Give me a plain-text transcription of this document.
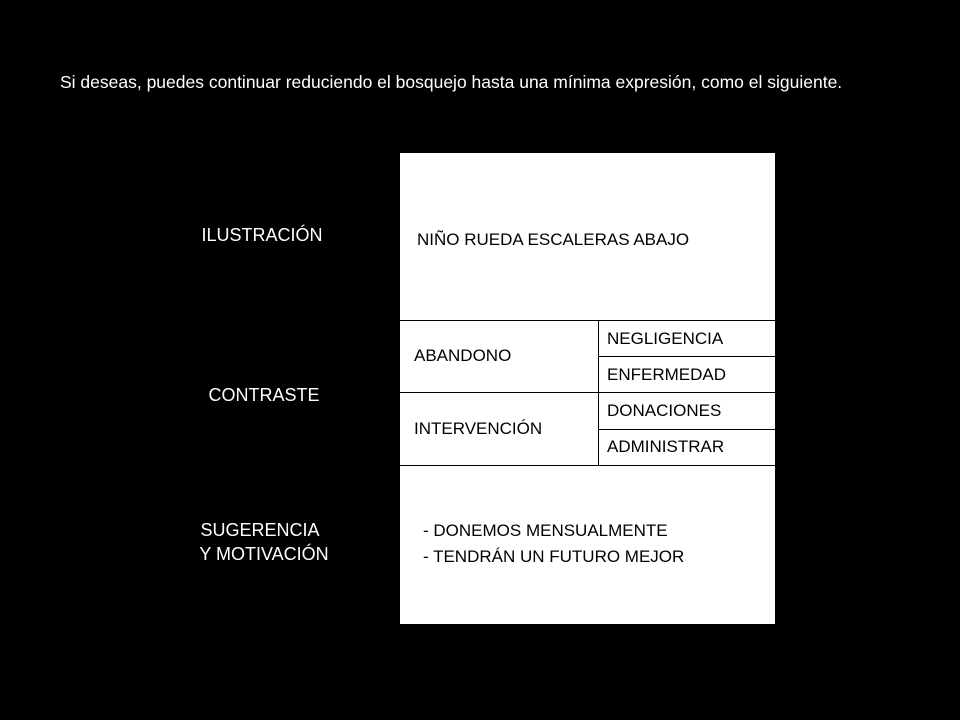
Si deseas, puedes continuar reduciendo el bosquejo hasta una mínima expresión, como el siguiente.

ILUSTRACIÓN
CONTRASTE
SUGERENCIA
Y MOTIVACIÓN
NIÑO RUEDA ESCALERAS ABAJO
ABANDONO
NEGLIGENCIA
ENFERMEDAD
INTERVENCIÓN
DONACIONES
ADMINISTRAR
- DONEMOS MENSUALMENTE
- TENDRÁN UN FUTURO MEJOR
